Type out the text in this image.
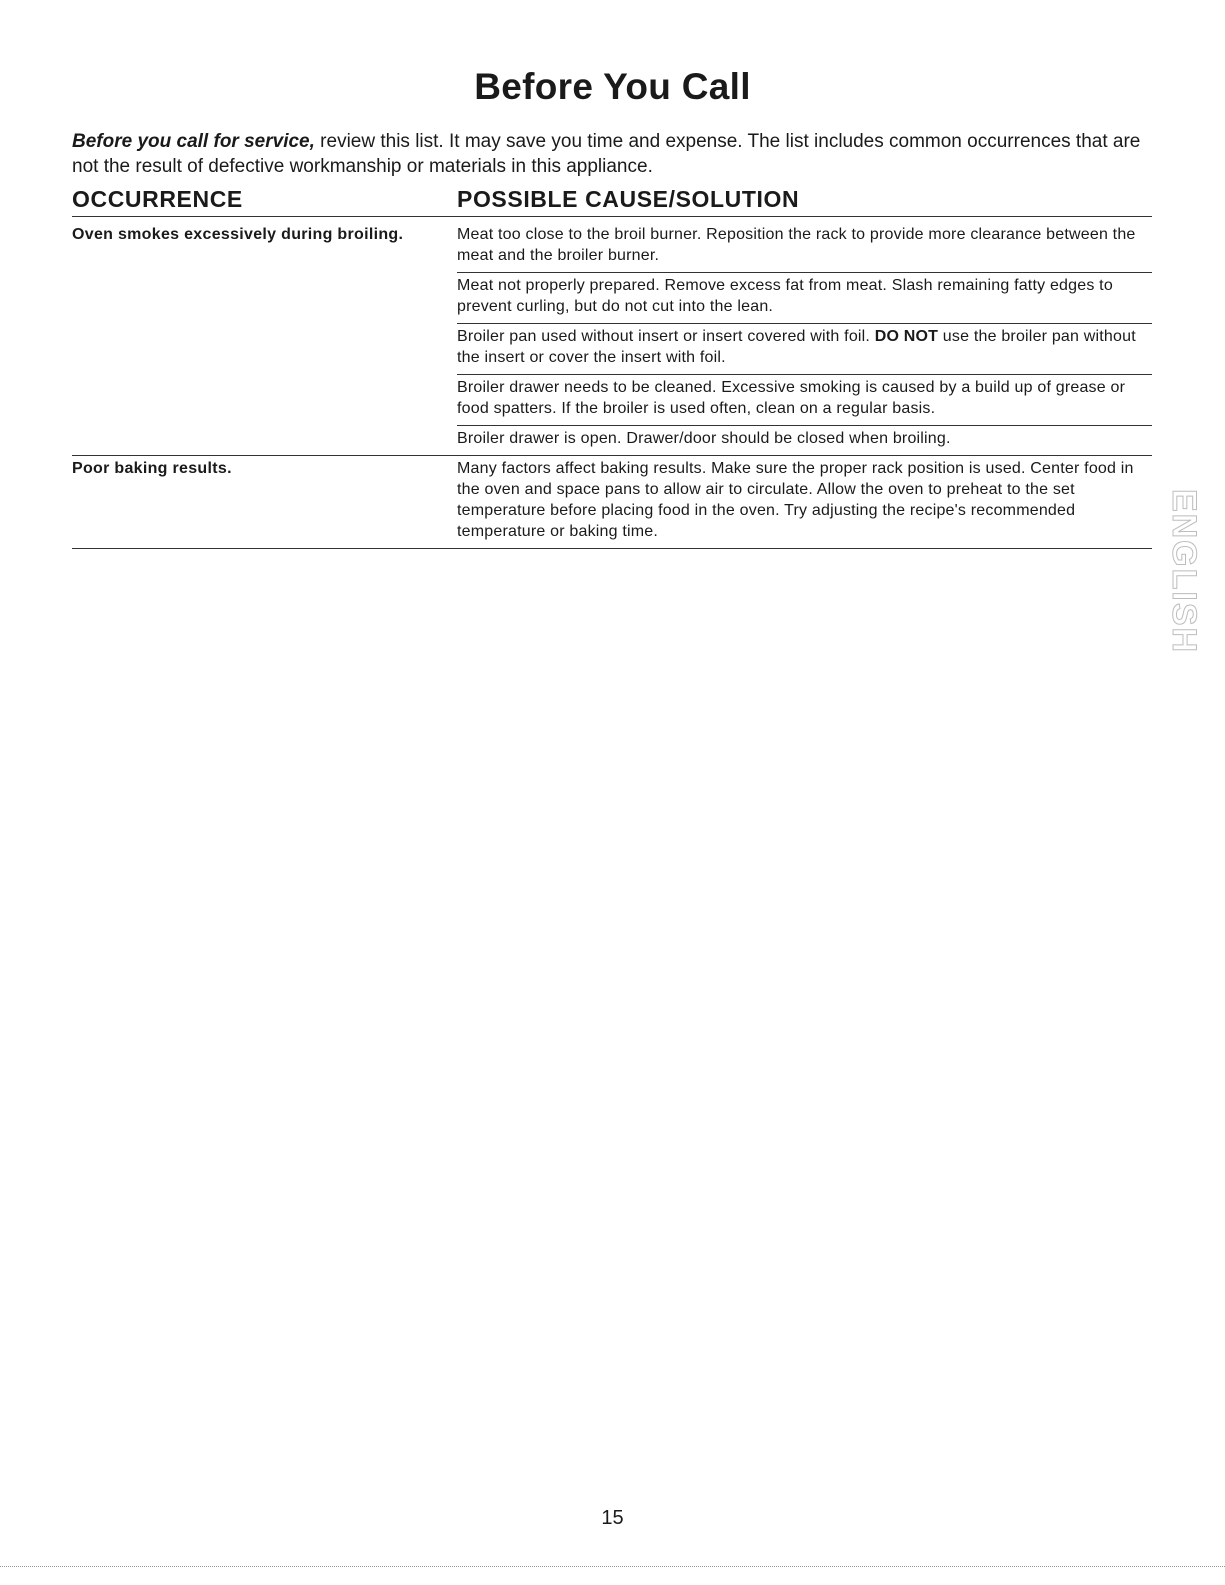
Before You Call

Before you call for service, review this list. It may save you time and expense. The list includes common occurrences that are not the result of defective workmanship or materials in this appliance.

OCCURRENCE	POSSIBLE CAUSE/SOLUTION
Oven smokes excessively during broiling.	Meat too close to the broil burner. Reposition the rack to provide more clearance between the meat and the broiler burner.
Meat not properly prepared. Remove excess fat from meat. Slash remaining fatty edges to prevent curling, but do not cut into the lean.
Broiler pan used without insert or insert covered with foil. DO NOT use the broiler pan without the insert or cover the insert with foil.
Broiler drawer needs to be cleaned. Excessive smoking is caused by a build up of grease or food spatters. If the broiler is used often, clean on a regular basis.
Broiler drawer is open. Drawer/door should be closed when broiling.
Poor baking results.	Many factors affect baking results. Make sure the proper rack position is used. Center food in the oven and space pans to allow air to circulate. Allow the oven to preheat to the set temperature before placing food in the oven. Try adjusting the recipe's recommended temperature or baking time.	ENGLISH
15
